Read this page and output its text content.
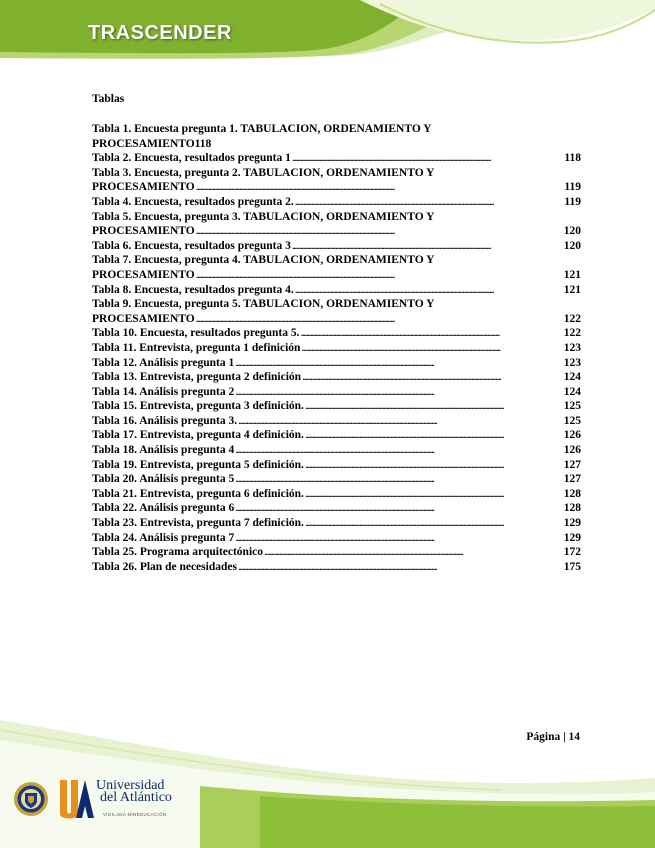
TRASCENDER
Tablas
Tabla 1. Encuesta pregunta 1. TABULACION, ORDENAMIENTO Y
PROCESAMIENTO 118
Tabla 2. Encuesta, resultados pregunta 1 . . .	118
Tabla 3. Encuesta, pregunta 2. TABULACION, ORDENAMIENTO Y
PROCESAMIENTO . . .	119
Tabla 4. Encuesta, resultados pregunta 2. . . .	119
Tabla 5. Encuesta, pregunta 3. TABULACION, ORDENAMIENTO Y
PROCESAMIENTO . . .	120
Tabla 6. Encuesta, resultados pregunta 3 . . .	120
Tabla 7. Encuesta, pregunta 4. TABULACION, ORDENAMIENTO Y
PROCESAMIENTO . . .	121
Tabla 8. Encuesta, resultados pregunta 4. . . .	121
Tabla 9. Encuesta, pregunta 5. TABULACION, ORDENAMIENTO Y
PROCESAMIENTO . . .	122
Tabla 10. Encuesta, resultados pregunta 5. . . .	122
Tabla 11. Entrevista, pregunta 1 definición . . .	123
Tabla 12. Análisis pregunta 1 . . .	123
Tabla 13. Entrevista, pregunta 2 definición . . .	124
Tabla 14. Análisis pregunta 2 . . .	124
Tabla 15. Entrevista, pregunta 3 definición. . . .	125
Tabla 16. Análisis pregunta 3. . . .	125
Tabla 17. Entrevista, pregunta 4 definición. . . .	126
Tabla 18. Análisis pregunta 4 . . .	126
Tabla 19. Entrevista, pregunta 5 definición. . . .	127
Tabla 20. Análisis pregunta 5 . . .	127
Tabla 21. Entrevista, pregunta 6 definición. . . .	128
Tabla 22. Análisis pregunta 6 . . .	128
Tabla 23. Entrevista, pregunta 7 definición. . . .	129
Tabla 24. Análisis pregunta 7 . . .	129
Tabla 25. Programa arquitectónico . . .	172
Tabla 26. Plan de necesidades . . .	175
Página | 14
Universidad
del Atlántico
VIGILADA MINEDUCACIÓN
